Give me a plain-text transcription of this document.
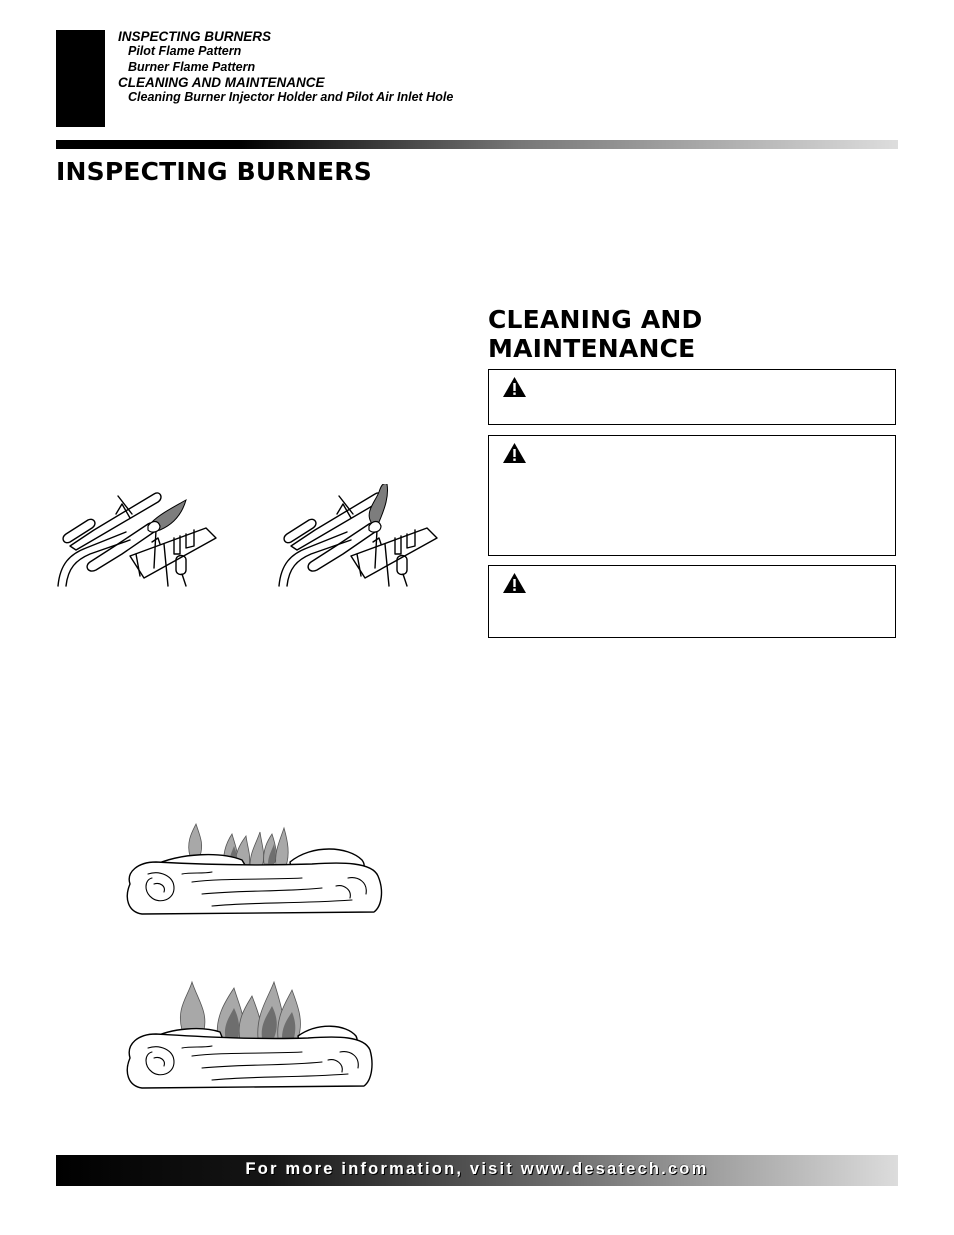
INSPECTING BURNERS
Pilot Flame Pattern
Burner Flame Pattern
CLEANING AND MAINTENANCE
Cleaning Burner Injector Holder and Pilot Air Inlet Hole
INSPECTING BURNERS
CLEANING AND MAINTENANCE
For more information, visit www.desatech.com
